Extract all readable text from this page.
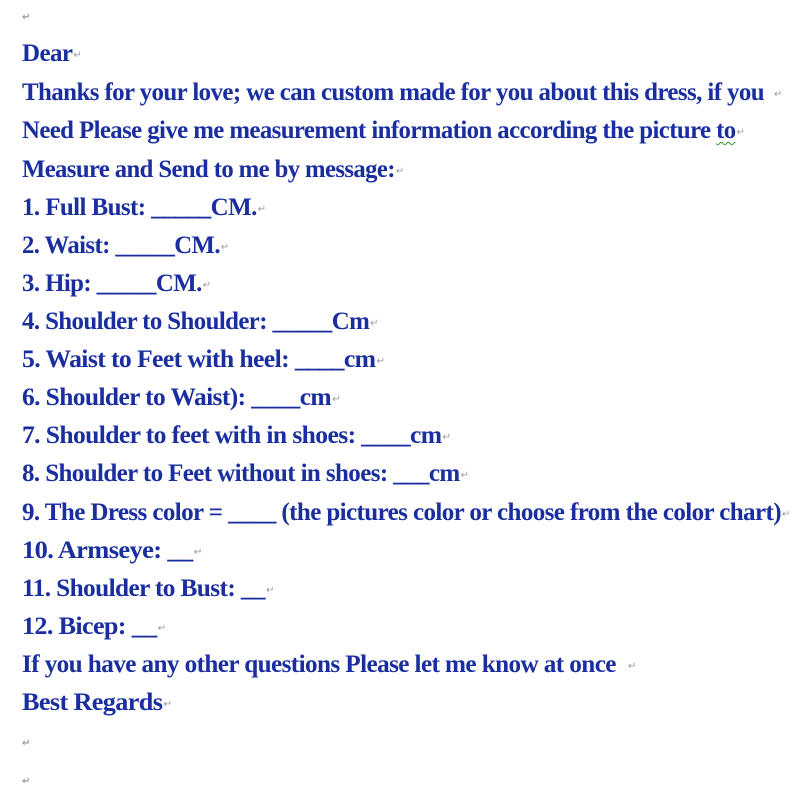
↵
Dear↵
Thanks for your love; we can custom made for you about this dress, if you ↵
Need Please give me measurement information according the picture to↵
Measure and Send to me by message:↵
1. Full Bust: _____CM.↵
2. Waist: _____CM.↵
3. Hip: _____CM.↵
4. Shoulder to Shoulder: _____Cm↵
5. Waist to Feet with heel: ____cm↵
6. Shoulder to Waist): ____cm↵
7. Shoulder to feet with in shoes: ____cm↵
8. Shoulder to Feet without in shoes: ___cm↵
9. The Dress color = ____ (the pictures color or choose from the color chart)↵
10. Armseye: __↵
11. Shoulder to Bust: __↵
12. Bicep: __↵
If you have any other questions Please let me know at once ↵
Best Regards↵
↵
↵
